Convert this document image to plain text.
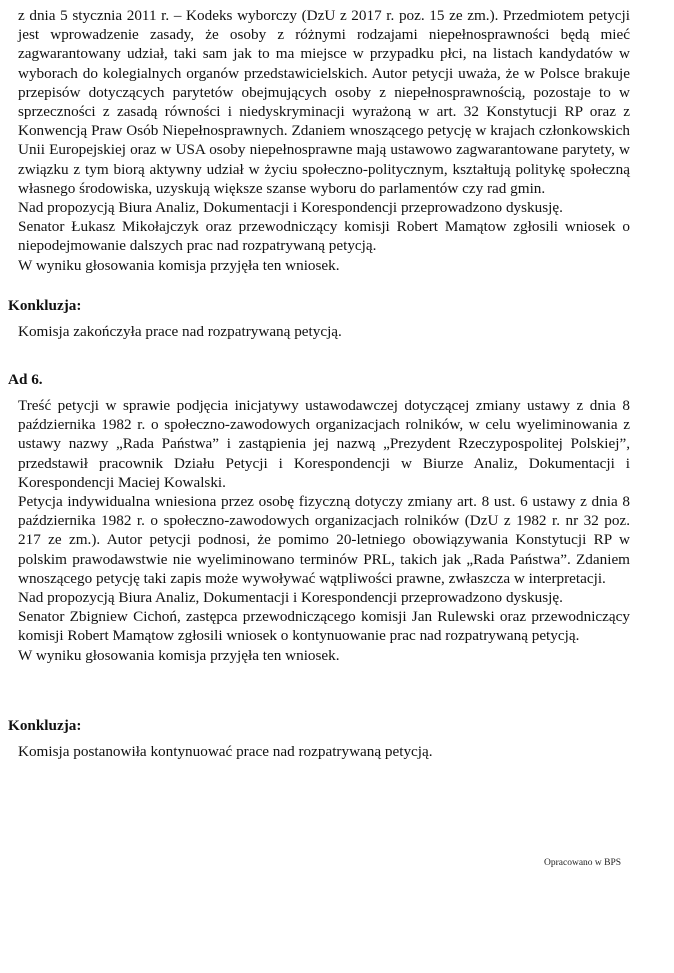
z dnia 5 stycznia 2011 r. – Kodeks wyborczy (DzU z 2017 r. poz. 15 ze zm.). Przedmiotem petycji jest wprowadzenie zasady, że osoby z różnymi rodzajami niepełnosprawności będą mieć zagwarantowany udział, taki sam jak to ma miejsce w przypadku płci, na listach kandydatów w wyborach do kolegialnych organów przedstawicielskich. Autor petycji uważa, że w Polsce brakuje przepisów dotyczących parytetów obejmujących osoby z niepełnosprawnością, pozostaje to w sprzeczności z zasadą równości i niedyskryminacji wyrażoną w art. 32 Konstytucji RP oraz z Konwencją Praw Osób Niepełnosprawnych. Zdaniem wnoszącego petycję w krajach członkowskich Unii Europejskiej oraz w USA osoby niepełnosprawne mają ustawowo zagwarantowane parytety, w związku z tym biorą aktywny udział w życiu społeczno-politycznym, kształtują politykę społeczną własnego środowiska, uzyskują większe szanse wyboru do parlamentów czy rad gmin.

Nad propozycją Biura Analiz, Dokumentacji i Korespondencji przeprowadzono dyskusję.

Senator Łukasz Mikołajczyk oraz przewodniczący komisji Robert Mamątow zgłosili wniosek o niepodejmowanie dalszych prac nad rozpatrywaną petycją.

W wyniku głosowania komisja przyjęła ten wniosek.

Konkluzja:

Komisja zakończyła prace nad rozpatrywaną petycją.

Ad 6.

Treść petycji w sprawie podjęcia inicjatywy ustawodawczej dotyczącej zmiany ustawy z dnia 8 października 1982 r. o społeczno-zawodowych organizacjach rolników, w celu wyeliminowania z ustawy nazwy „Rada Państwa” i zastąpienia jej nazwą „Prezydent Rzeczypospolitej Polskiej”, przedstawił pracownik Działu Petycji i Korespondencji w Biurze Analiz, Dokumentacji i Korespondencji Maciej Kowalski.

Petycja indywidualna wniesiona przez osobę fizyczną dotyczy zmiany art. 8 ust. 6 ustawy z dnia 8 października 1982 r. o społeczno-zawodowych organizacjach rolników (DzU z 1982 r. nr 32 poz. 217 ze zm.). Autor petycji podnosi, że pomimo 20-letniego obowiązywania Konstytucji RP w polskim prawodawstwie nie wyeliminowano terminów PRL, takich jak „Rada Państwa”. Zdaniem wnoszącego petycję taki zapis może wywoływać wątpliwości prawne, zwłaszcza w interpretacji.

Nad propozycją Biura Analiz, Dokumentacji i Korespondencji przeprowadzono dyskusję.

Senator Zbigniew Cichoń, zastępca przewodniczącego komisji Jan Rulewski oraz przewodniczący komisji Robert Mamątow zgłosili wniosek o kontynuowanie prac nad rozpatrywaną petycją.

W wyniku głosowania komisja przyjęła ten wniosek.

Konkluzja:

Komisja postanowiła kontynuować prace nad rozpatrywaną petycją.

Opracowano w BPS
